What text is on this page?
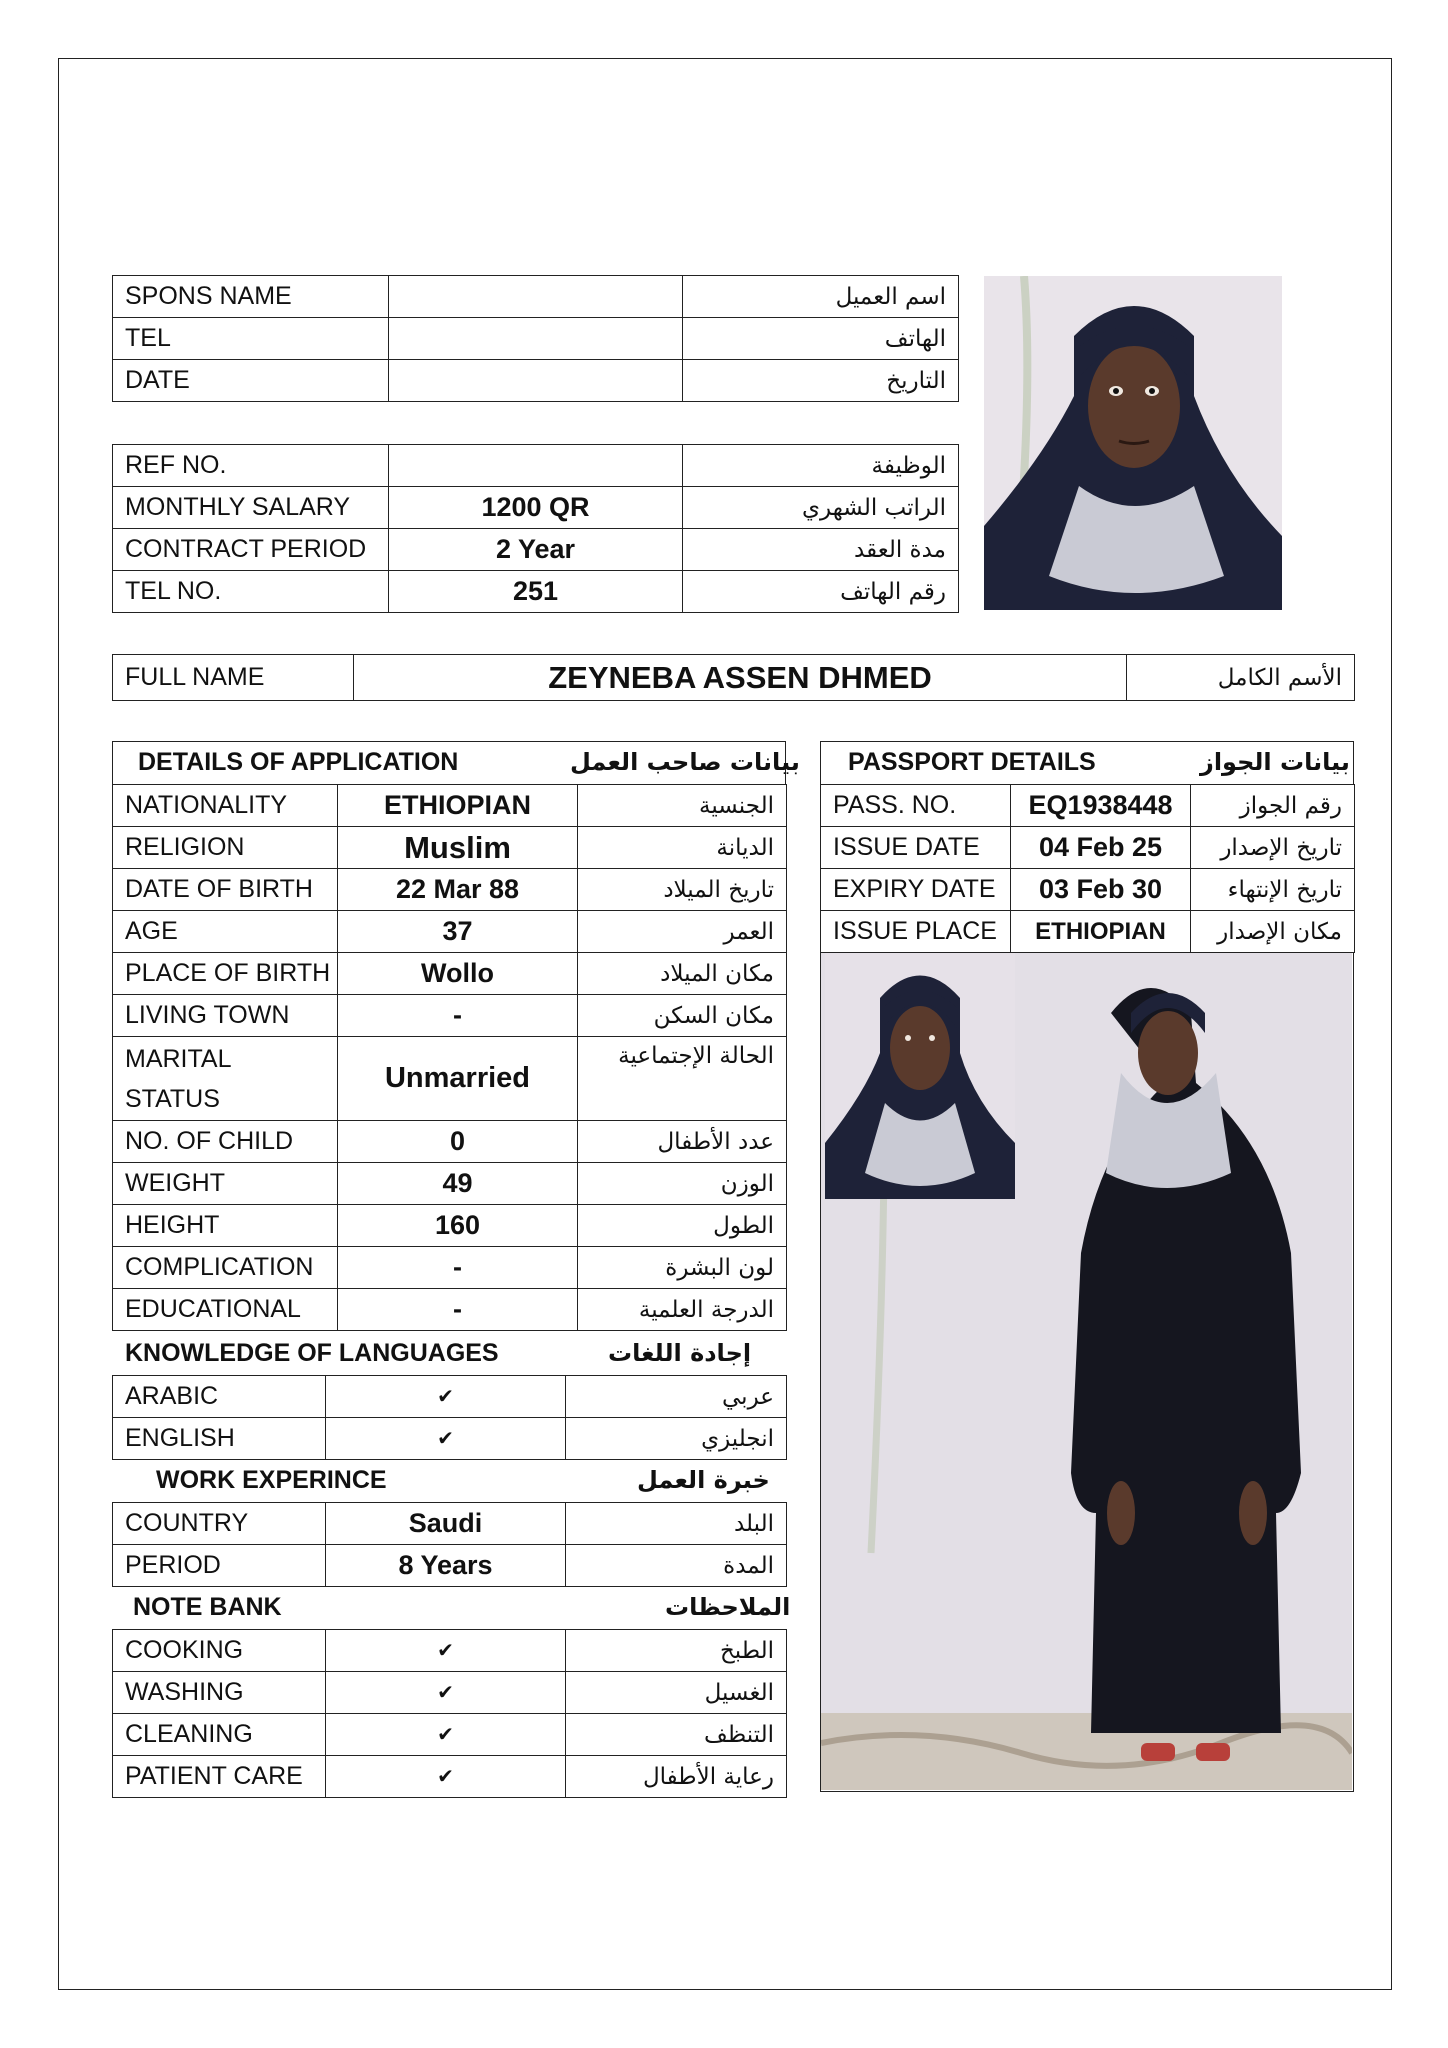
SPONS NAME		اسم العميل
TEL		الهاتف
DATE		التاريخ
REF NO.		الوظيفة
MONTHLY SALARY	1200 QR	الراتب الشهري
CONTRACT PERIOD	2 Year	مدة العقد
TEL NO.	251	رقم الهاتف
FULL NAME	ZEYNEBA ASSEN DHMED	الأسم الكامل
DETAILS OF APPLICATION	بيانات صاحب العمل
NATIONALITY	ETHIOPIAN	الجنسية
RELIGION	Muslim	الديانة
DATE OF BIRTH	22 Mar 88	تاريخ الميلاد
AGE	37	العمر
PLACE OF BIRTH	Wollo	مكان الميلاد
LIVING TOWN	-	مكان السكن

MARITAL
STATUS	Unmarried	الحالة الإجتماعية
NO. OF CHILD	0	عدد الأطفال
WEIGHT	49	الوزن
HEIGHT	160	الطول
COMPLICATION	-	لون البشرة
EDUCATIONAL	-	الدرجة العلمية
KNOWLEDGE OF LANGUAGES	إجادة اللغات
ARABIC	✔	عربي
ENGLISH	✔	انجليزي
WORK EXPERINCE	خبرة العمل
COUNTRY	Saudi	البلد
PERIOD	8 Years	المدة
NOTE BANK	الملاحظات
COOKING	✔	الطبخ
WASHING	✔	الغسيل
CLEANING	✔	التنظف
PATIENT CARE	✔	رعاية الأطفال
PASSPORT DETAILS	بيانات الجواز
PASS. NO.	EQ1938448	رقم الجواز
ISSUE DATE	04 Feb 25	تاريخ الإصدار
EXPIRY DATE	03 Feb 30	تاريخ الإنتهاء
ISSUE PLACE	ETHIOPIAN	مكان الإصدار
